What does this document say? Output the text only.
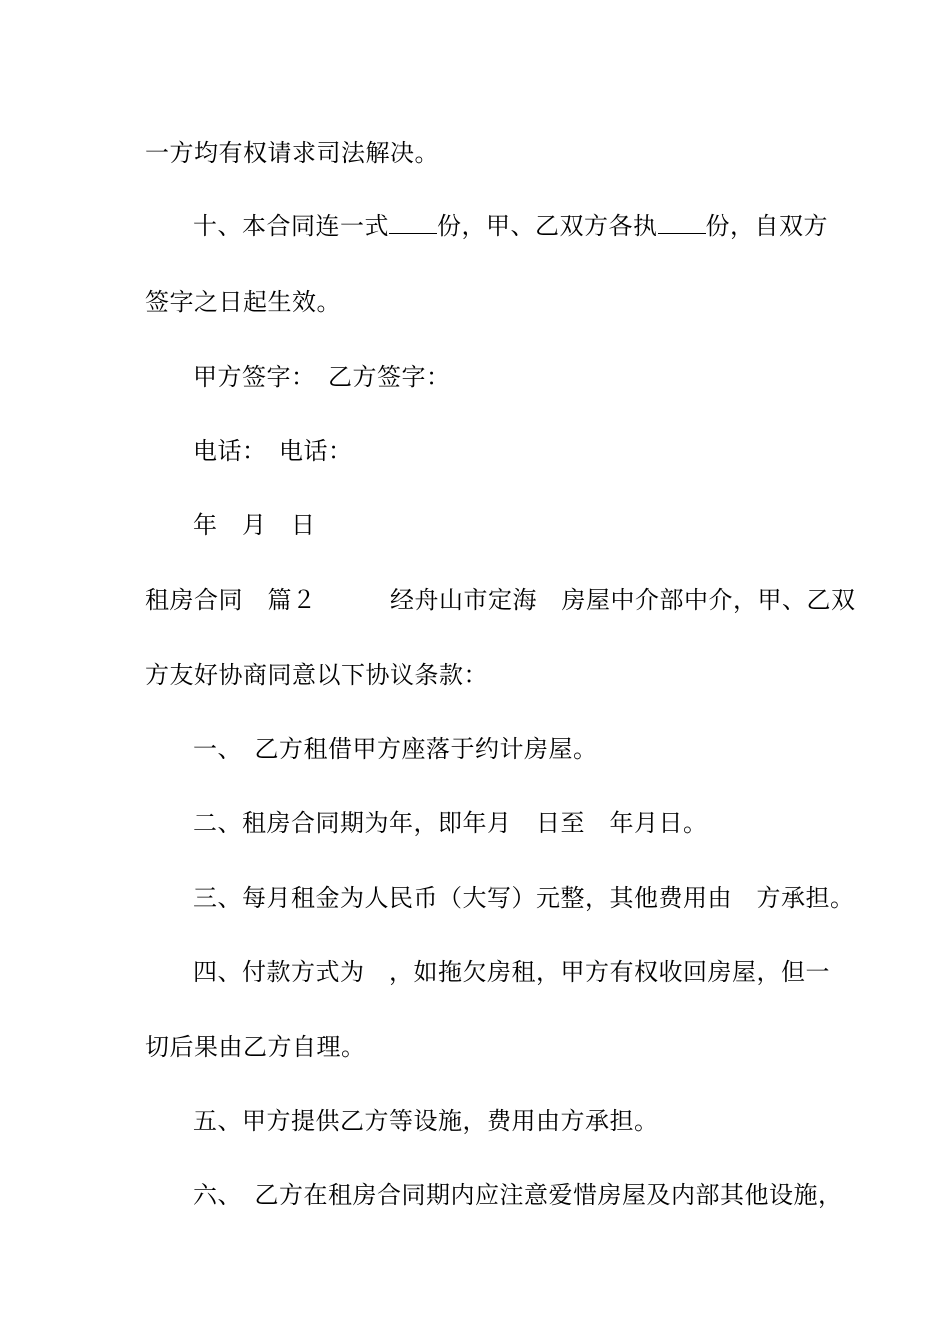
一方均有权请求司法解决。
十、本合同连一式 份，甲、乙双方各执 份，自双方
签字之日起生效。
甲方签字：　乙方签字：
电话：　电话：
年　月　日
租房合同　篇２　　　经舟山市定海　房屋中介部中介，甲、乙双
方友好协商同意以下协议条款：
一、　乙方租借甲方座落于约计房屋。
二、租房合同期为年，即年月　日至　年月日。
三、每月租金为人民币（大写）元整，其他费用由　方承担。
四、付款方式为　，如拖欠房租，甲方有权收回房屋，但一
切后果由乙方自理。
五、甲方提供乙方等设施，费用由方承担。
六、　乙方在租房合同期内应注意爱惜房屋及内部其他设施，
